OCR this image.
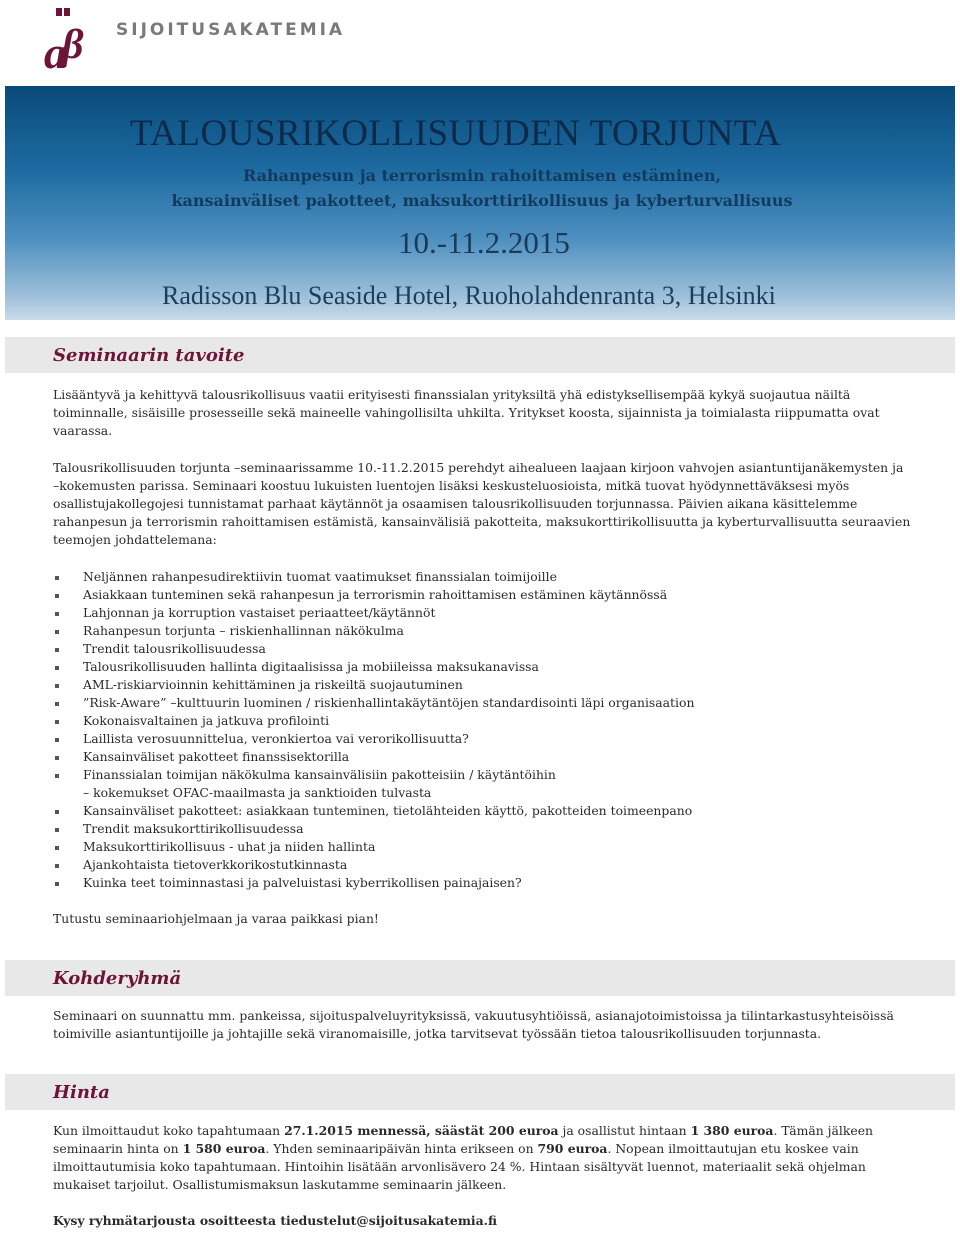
ɑ
β SIJOITUSAKATEMIA
TALOUSRIKOLLISUUDEN TORJUNTA
Rahanpesun ja terrorismin rahoittamisen estäminen,
kansainväliset pakotteet, maksukorttirikollisuus ja kyberturvallisuus
10.-11.2.2015
Radisson Blu Seaside Hotel, Ruoholahdenranta 3, Helsinki
Seminaarin tavoite

Lisääntyvä ja kehittyvä talousrikollisuus vaatii erityisesti finanssialan yrityksiltä yhä edistyksellisempää kykyä suojautua näiltä toiminnalle, sisäisille prosesseille sekä maineelle vahingollisilta uhkilta. Yritykset koosta, sijainnista ja toimialasta riippumatta ovat vaarassa.

Talousrikollisuuden torjunta –seminaarissamme 10.-11.2.2015 perehdyt aihealueen laajaan kirjoon vahvojen asiantuntijanäkemysten ja –kokemusten parissa. Seminaari koostuu lukuisten luentojen lisäksi keskusteluosioista, mitkä tuovat hyödynnettäväksesi myös osallistujakollegojesi tunnistamat parhaat käytännöt ja osaamisen talousrikollisuuden torjunnassa. Päivien aikana käsittelemme rahanpesun ja terrorismin rahoittamisen estämistä, kansainvälisiä pakotteita, maksukorttirikollisuutta ja kyberturvallisuutta seuraavien teemojen johdattelemana:

Neljännen rahanpesudirektiivin tuomat vaatimukset finanssialan toimijoille
Asiakkaan tunteminen sekä rahanpesun ja terrorismin rahoittamisen estäminen käytännössä
Lahjonnan ja korruption vastaiset periaatteet/käytännöt
Rahanpesun torjunta – riskienhallinnan näkökulma
Trendit talousrikollisuudessa
Talousrikollisuuden hallinta digitaalisissa ja mobiileissa maksukanavissa
AML-riskiarvioinnin kehittäminen ja riskeiltä suojautuminen
”Risk-Aware” –kulttuurin luominen / riskienhallintakäytäntöjen standardisointi läpi organisaation
Kokonaisvaltainen ja jatkuva profilointi
Laillista verosuunnittelua, veronkiertoa vai verorikollisuutta?
Kansainväliset pakotteet finanssisektorilla
Finanssialan toimijan näkökulma kansainvälisiin pakotteisiin / käytäntöihin
– kokemukset OFAC-maailmasta ja sanktioiden tulvasta
Kansainväliset pakotteet: asiakkaan tunteminen, tietolähteiden käyttö, pakotteiden toimeenpano
Trendit maksukorttirikollisuudessa
Maksukorttirikollisuus - uhat ja niiden hallinta
Ajankohtaista tietoverkkorikostutkinnasta
Kuinka teet toiminnastasi ja palveluistasi kyberrikollisen painajaisen?

Tutustu seminaariohjelmaan ja varaa paikkasi pian!

Kohderyhmä

Seminaari on suunnattu mm. pankeissa, sijoituspalveluyrityksissä, vakuutusyhtiöissä, asianajotoimistoissa ja tilintarkastusyhteisöissä toimiville asiantuntijoille ja johtajille sekä viranomaisille, jotka tarvitsevat työssään tietoa talousrikollisuuden torjunnasta.

Hinta

Kun ilmoittaudut koko tapahtumaan 27.1.2015 mennessä, säästät 200 euroa ja osallistut hintaan 1 380 euroa. Tämän jälkeen seminaarin hinta on 1 580 euroa. Yhden seminaaripäivän hinta erikseen on 790 euroa. Nopean ilmoittautujan etu koskee vain ilmoittautumisia koko tapahtumaan. Hintoihin lisätään arvonlisävero 24 %. Hintaan sisältyvät luennot, materiaalit sekä ohjelman mukaiset tarjoilut. Osallistumismaksun laskutamme seminaarin jälkeen.

Kysy ryhmätarjousta osoitteesta tiedustelut@sijoitusakatemia.fi
